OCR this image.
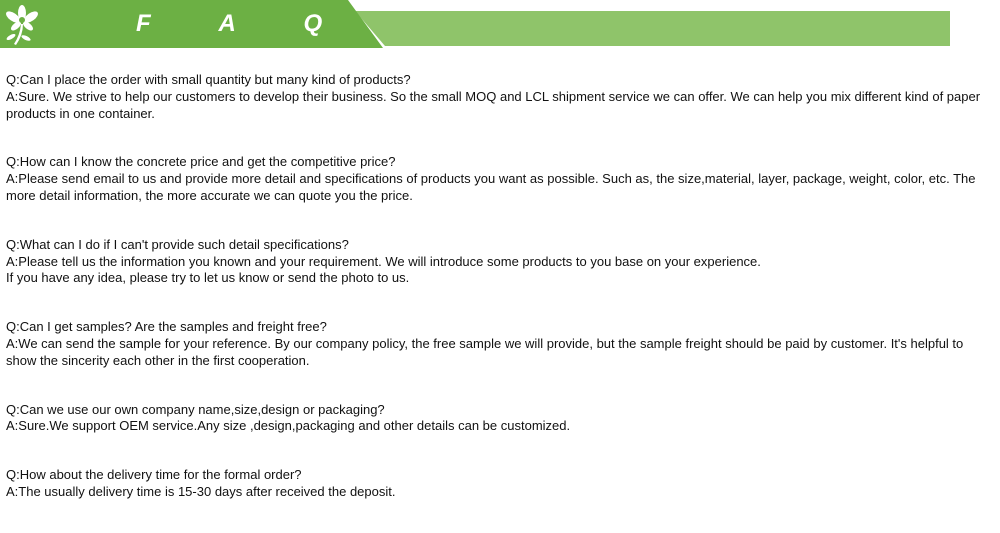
F A Q

Q:Can I place the order with small quantity but many kind of products?

A:Sure. We strive to help our customers to develop their business. So the small MOQ and LCL shipment service we can offer. We can help you mix different kind of paper products in one container.

Q:How can I know the concrete price and get the competitive price?

A:Please send email to us and provide more detail and specifications of products you want as possible. Such as, the size,material, layer, package, weight, color, etc. The more detail information, the more accurate we can quote you the price.

Q:What can I do if I can't provide such detail specifications?

A:Please tell us the information you known and your requirement. We will introduce some products to you base on your experience.

If you have any idea, please try to let us know or send the photo to us.

Q:Can I get samples? Are the samples and freight free?

A:We can send the sample for your reference. By our company policy, the free sample we will provide, but the sample freight should be paid by customer. It's helpful to show the sincerity each other in the first cooperation.

Q:Can we use our own company name,size,design or packaging?

A:Sure.We support OEM service.Any size ,design,packaging and other details can be customized.

Q:How about the delivery time for the formal order?

A:The usually delivery time is 15-30 days after received the deposit.
